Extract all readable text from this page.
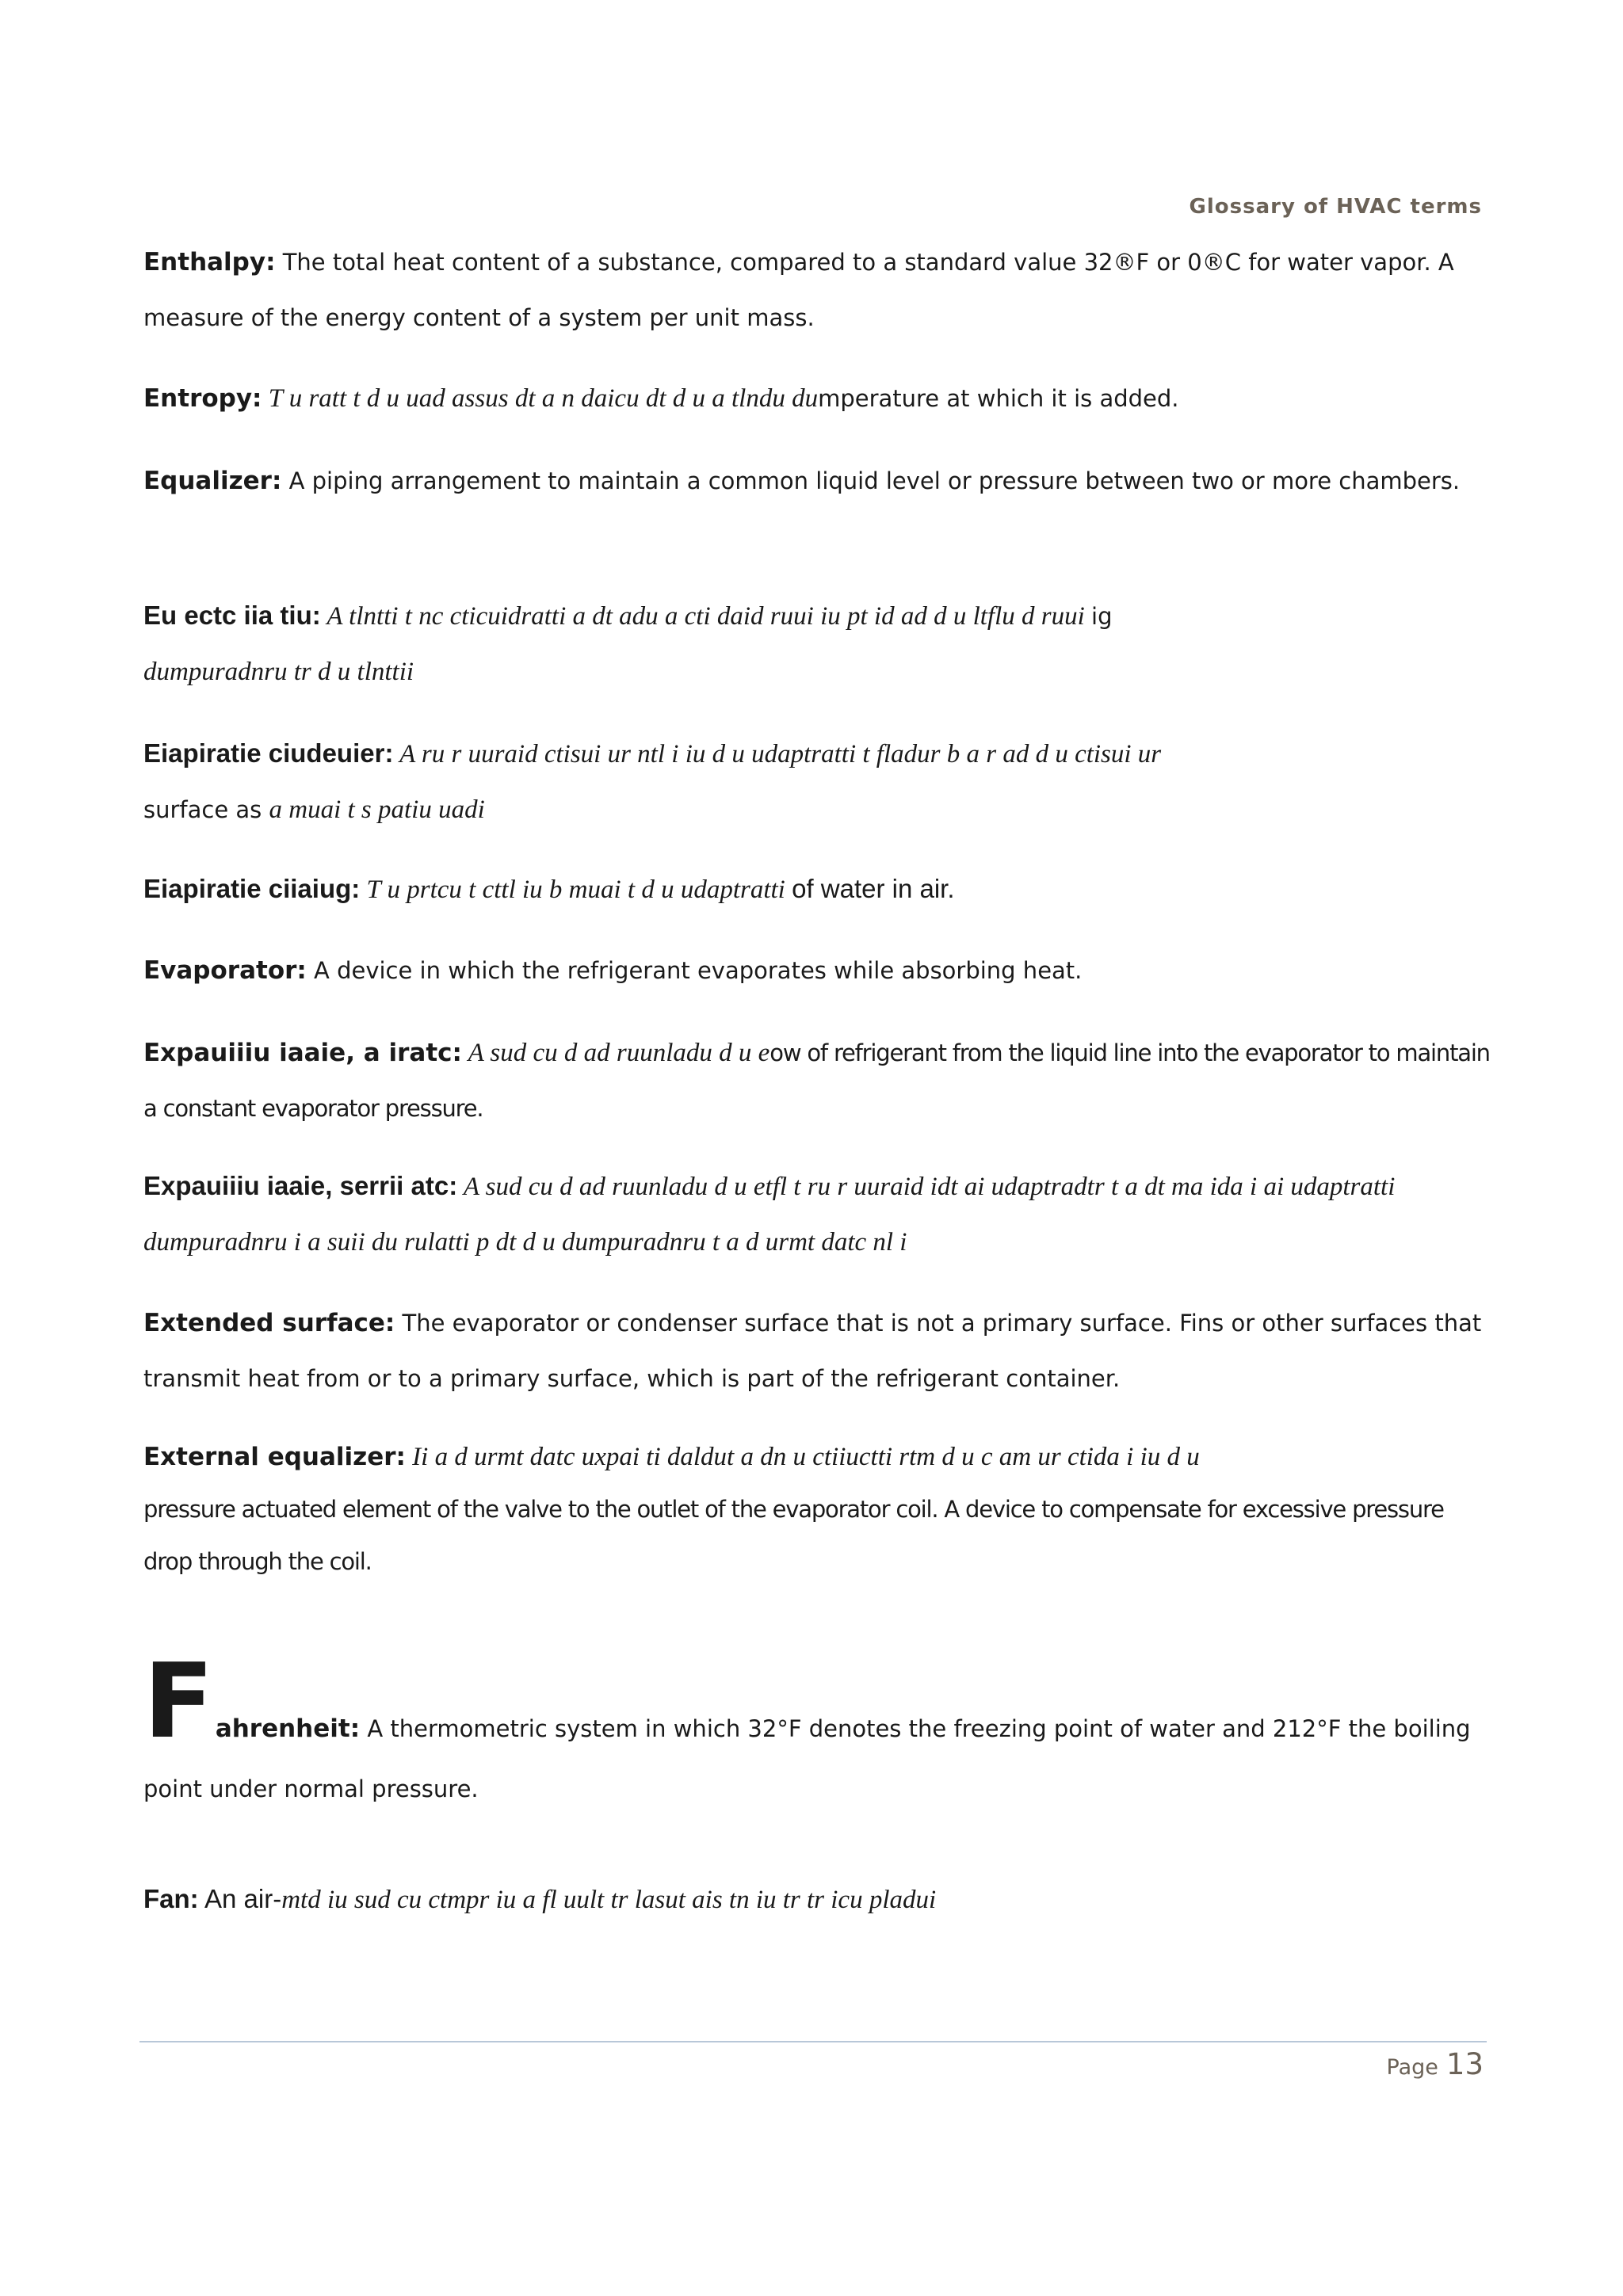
Glossary of HVAC terms
Enthalpy: The total heat content of a substance, compared to a standard value 32®F or 0®C for water vapor. A measure of the energy content of a system per unit mass.
Entropy: T u ratt t d u uad assus dt a n daicu dt d u a tlndu dumperature at which it is added.
Equalizer: A piping arrangement to maintain a common liquid level or pressure between two or more chambers.
Eu ectc iia tiu: A tlntti t nc cticuidratti a dt adu a cti daid ruui iu pt id ad d u ltflu d ruui ig
dumpuradnru tr d u tlnttii
Eiapiratie ciudeuier: A ru r uuraid ctisui ur ntl i iu d u udaptratti t fladur b a r ad d u ctisui ur
surface as a muai t s patiu uadi
Eiapiratie ciiaiug: T u prtcu t cttl iu b muai t d u udaptratti of water in air.
Evaporator: A device in which the refrigerant evaporates while absorbing heat.
Expauiiiu iaaie, a iratc: A sud cu d ad ruunladu d u eow of refrigerant from the liquid line into the evaporator to maintain a constant evaporator pressure.
Expauiiiu iaaie, serrii atc: A sud cu d ad ruunladu d u etfl t ru r uuraid idt ai udaptradtr t a dt ma ida i ai udaptratti dumpuradnru i a suii du rulatti p dt d u dumpuradnru t a d urmt datc nl i
Extended surface: The evaporator or condenser surface that is not a primary surface. Fins or other surfaces that transmit heat from or to a primary surface, which is part of the refrigerant container.
External equalizer: Ii a d urmt datc uxpai ti daldut a dn u ctiiuctti rtm d u c am ur ctida i iu d u
pressure actuated element of the valve to the outlet of the evaporator coil. A device to compensate for excessive pressure drop through the coil.
Fahrenheit: A thermometric system in which 32°F denotes the freezing point of water and 212°F the boiling point under normal pressure.
Fan: An air-mtd iu sud cu ctmpr iu a fl uult tr lasut ais tn iu tr tr icu pladui
Page 13
